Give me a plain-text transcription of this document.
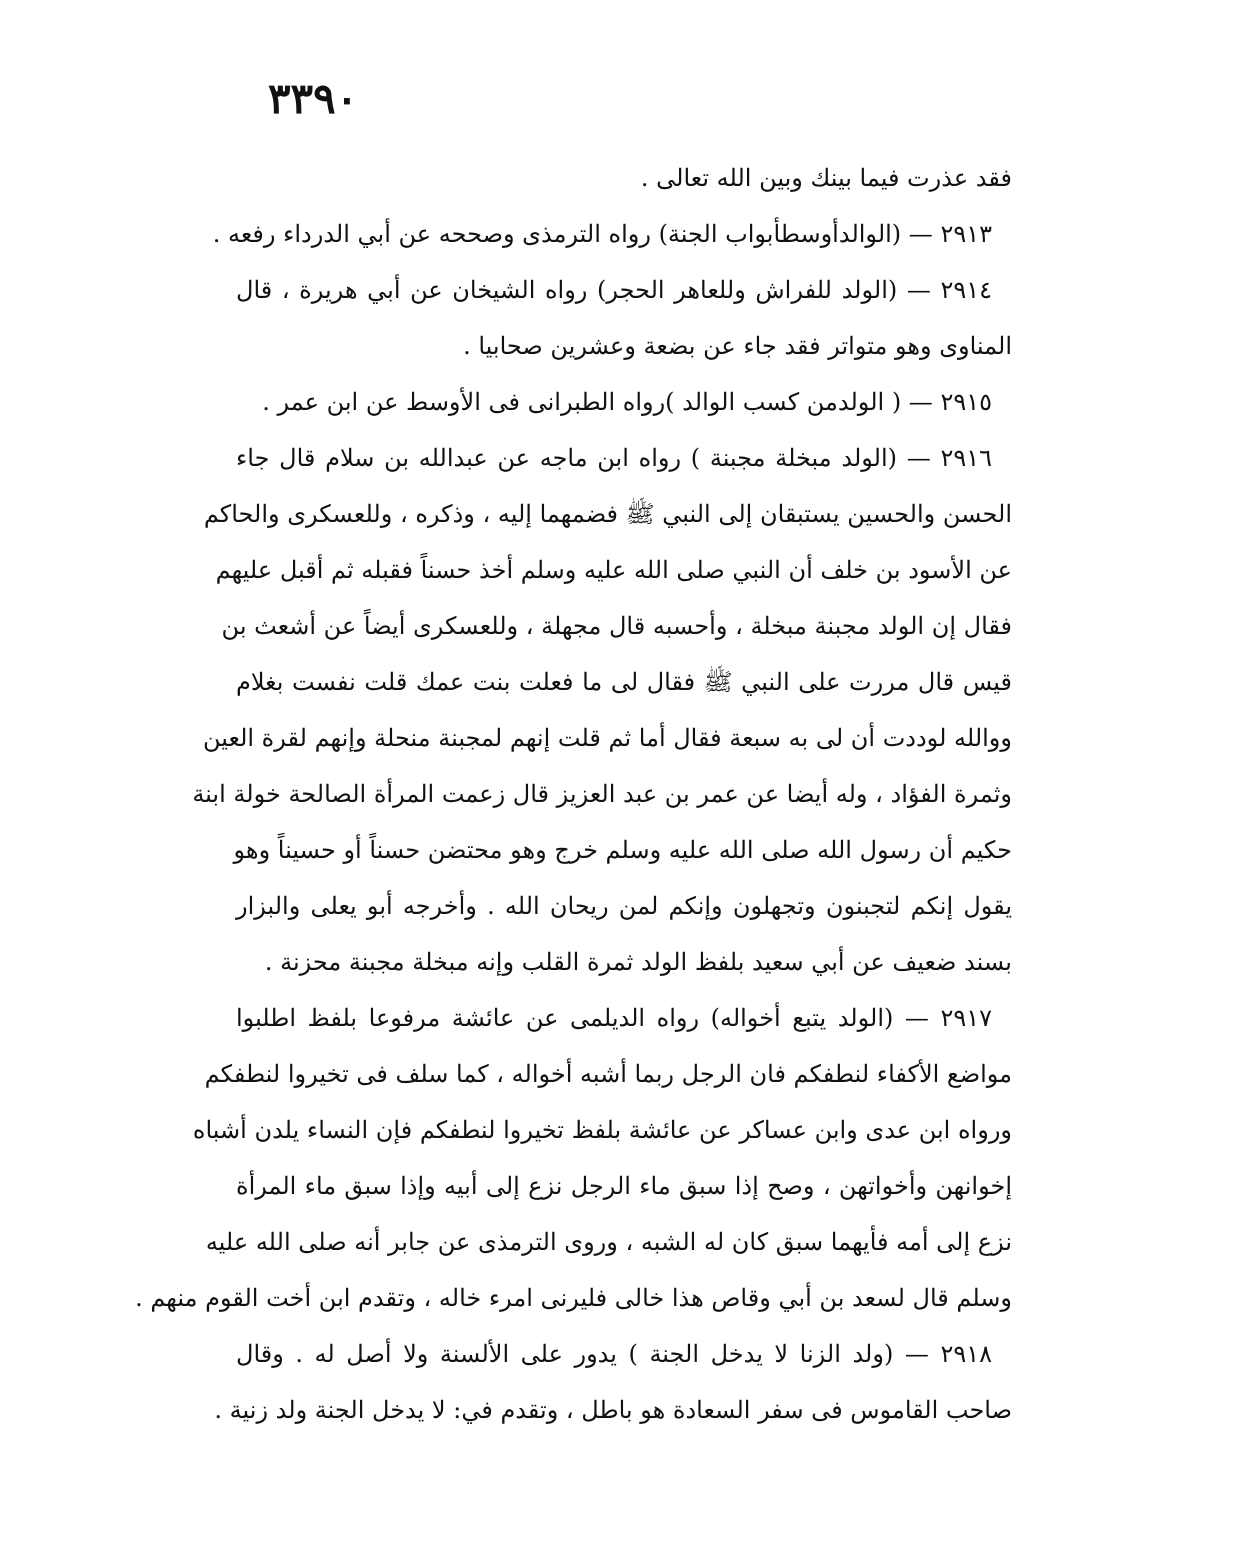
٣٣٩٠
فقد عذرت فيما بينك وبين الله تعالى .
٢٩١٣ — (الوالدأوسطأبواب الجنة) رواه الترمذى وصححه عن أبي الدرداء رفعه .
٢٩١٤ — (الولد للفراش وللعاهر الحجر) رواه الشيخان عن أبي هريرة ، قال
المناوى وهو متواتر فقد جاء عن بضعة وعشرين صحابيا .
٢٩١٥ — ( الولدمن كسب الوالد )رواه الطبرانى فى الأوسط عن ابن عمر .
٢٩١٦ — (الولد مبخلة مجبنة ) رواه ابن ماجه عن عبدالله بن سلام قال جاء
الحسن والحسين يستبقان إلى النبي ﷺ فضمهما إليه ، وذكره ، وللعسكرى والحاكم
عن الأسود بن خلف أن النبي صلى الله عليه وسلم أخذ حسناً فقبله ثم أقبل عليهم
فقال إن الولد مجبنة مبخلة ، وأحسبه قال مجهلة ، وللعسكرى أيضاً عن أشعث بن
قيس قال مررت على النبي ﷺ فقال لى ما فعلت بنت عمك قلت نفست بغلام
ووالله لوددت أن لى به سبعة فقال أما ثم قلت إنهم لمجبنة منحلة وإنهم لقرة العين
وثمرة الفؤاد ، وله أيضا عن عمر بن عبد العزيز قال زعمت المرأة الصالحة خولة ابنة
حكيم أن رسول الله صلى الله عليه وسلم خرج وهو محتضن حسناً أو حسيناً وهو
يقول إنكم لتجبنون وتجهلون وإنكم لمن ريحان الله . وأخرجه أبو يعلى والبزار
بسند ضعيف عن أبي سعيد بلفظ الولد ثمرة القلب وإنه مبخلة مجبنة محزنة .
٢٩١٧ — (الولد يتبع أخواله) رواه الديلمى عن عائشة مرفوعا بلفظ اطلبوا
مواضع الأكفاء لنطفكم فان الرجل ربما أشبه أخواله ، كما سلف فى تخيروا لنطفكم
ورواه ابن عدى وابن عساكر عن عائشة بلفظ تخيروا لنطفكم فإن النساء يلدن أشباه
إخوانهن وأخواتهن ، وصح إذا سبق ماء الرجل نزع إلى أبيه وإذا سبق ماء المرأة
نزع إلى أمه فأيهما سبق كان له الشبه ، وروى الترمذى عن جابر أنه صلى الله عليه
وسلم قال لسعد بن أبي وقاص هذا خالى فليرنى امرء خاله ، وتقدم ابن أخت القوم منهم .
٢٩١٨ — (ولد الزنا لا يدخل الجنة ) يدور على الألسنة ولا أصل له . وقال
صاحب القاموس فى سفر السعادة هو باطل ، وتقدم في: لا يدخل الجنة ولد زنية .
